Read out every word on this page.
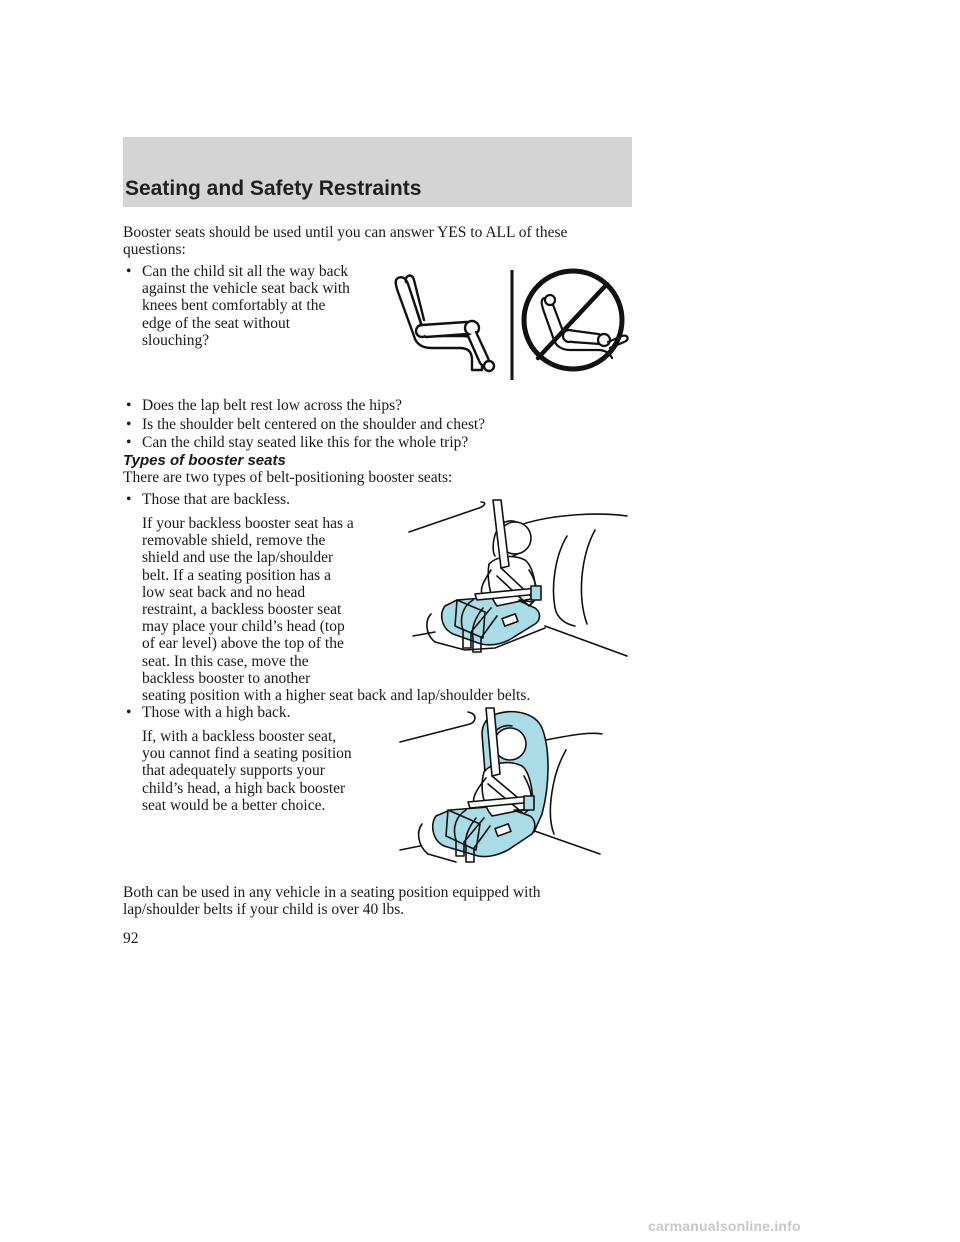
Seating and Safety Restraints
Booster seats should be used until you can answer YES to ALL of these
questions:
• Can the child sit all the way back
against the vehicle seat back with
knees bent comfortably at the
edge of the seat without
slouching?
• Does the lap belt rest low across the hips?
• Is the shoulder belt centered on the shoulder and chest?
• Can the child stay seated like this for the whole trip?
Types of booster seats
There are two types of belt-positioning booster seats:
• Those that are backless.
If your backless booster seat has a
removable shield, remove the
shield and use the lap/shoulder
belt. If a seating position has a
low seat back and no head
restraint, a backless booster seat
may place your child’s head (top
of ear level) above the top of the
seat. In this case, move the
backless booster to another
seating position with a higher seat back and lap/shoulder belts.
• Those with a high back.
If, with a backless booster seat,
you cannot find a seating position
that adequately supports your
child’s head, a high back booster
seat would be a better choice.
Both can be used in any vehicle in a seating position equipped with
lap/shoulder belts if your child is over 40 lbs.
92
carmanualsonline.info
